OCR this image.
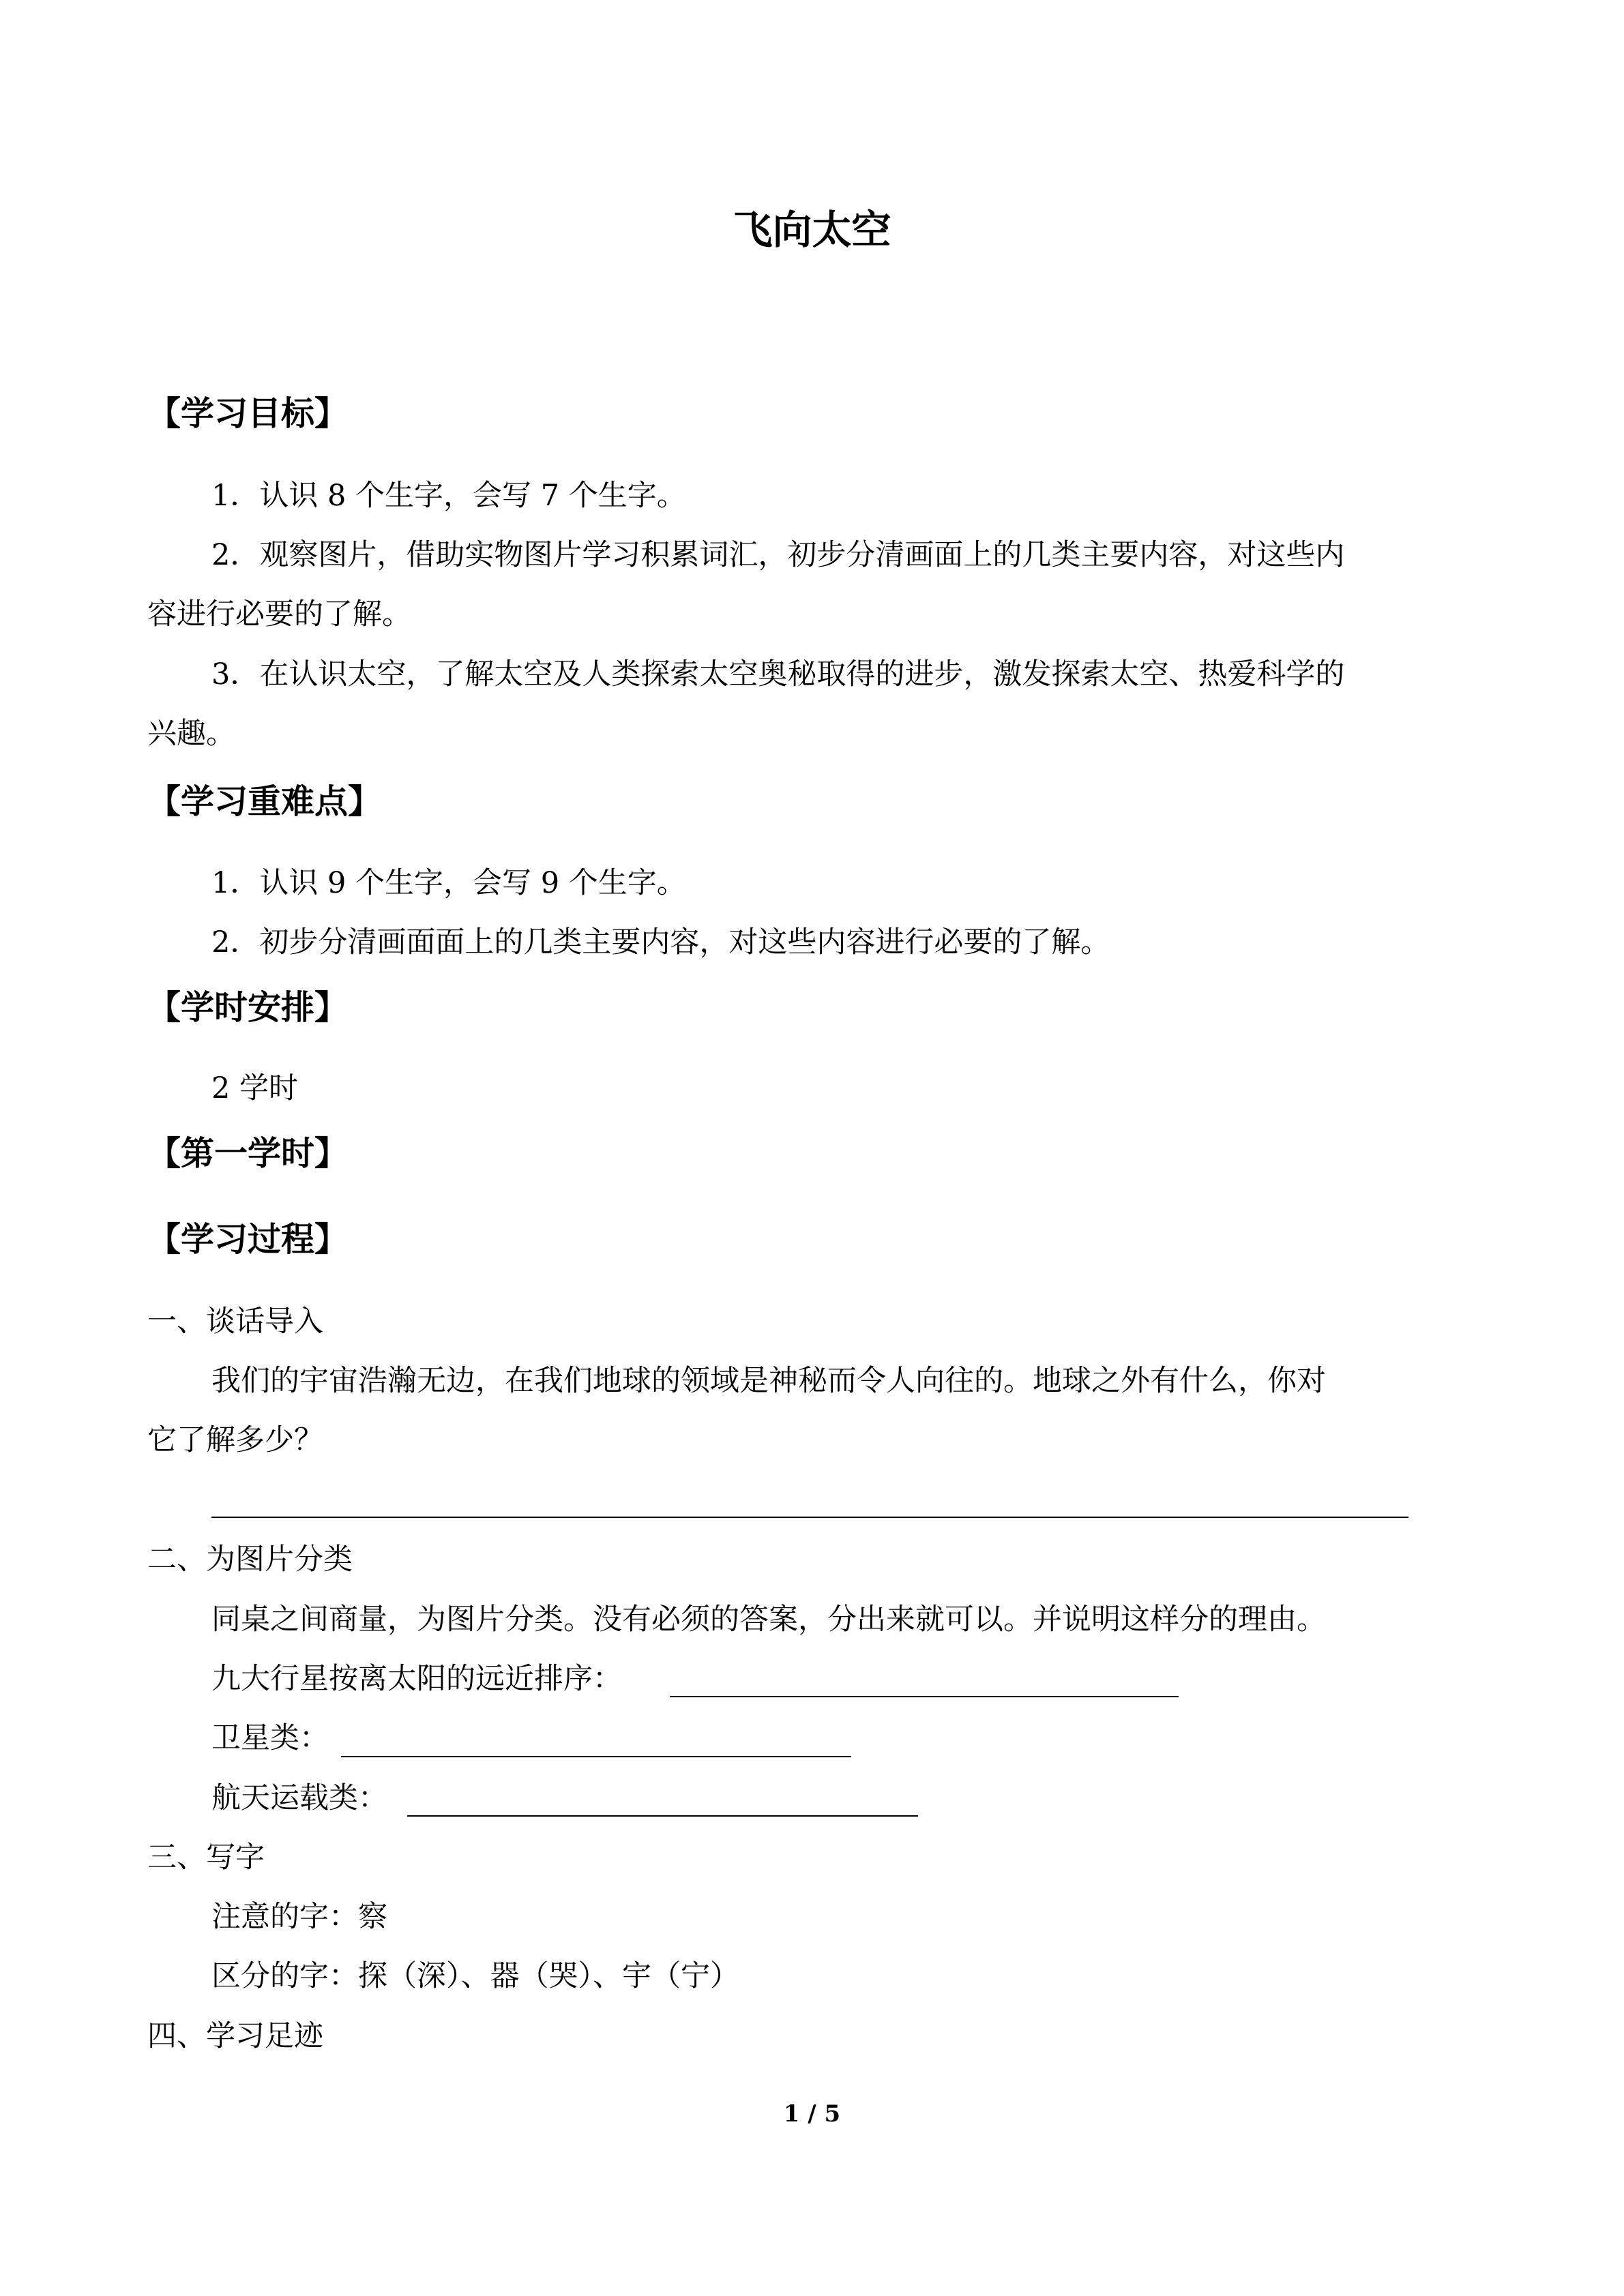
飞向太空
【学习目标】
1．认识 8 个生字，会写 7 个生字。
2．观察图片，借助实物图片学习积累词汇，初步分清画面上的几类主要内容，对这些内
容进行必要的了解。
3．在认识太空，了解太空及人类探索太空奥秘取得的进步，激发探索太空、热爱科学的
兴趣。
【学习重难点】
1．认识 9 个生字，会写 9 个生字。
2．初步分清画面面上的几类主要内容，对这些内容进行必要的了解。
【学时安排】
2 学时
【第一学时】
【学习过程】
一、谈话导入
我们的宇宙浩瀚无边，在我们地球的领域是神秘而令人向往的。地球之外有什么，你对
它了解多少？
二、为图片分类
同桌之间商量，为图片分类。没有必须的答案，分出来就可以。并说明这样分的理由。
九大行星按离太阳的远近排序：
卫星类：
航天运载类：
三、写字
注意的字：察
区分的字：探（深）、器（哭）、宇（宁）
四、学习足迹
1 / 5
